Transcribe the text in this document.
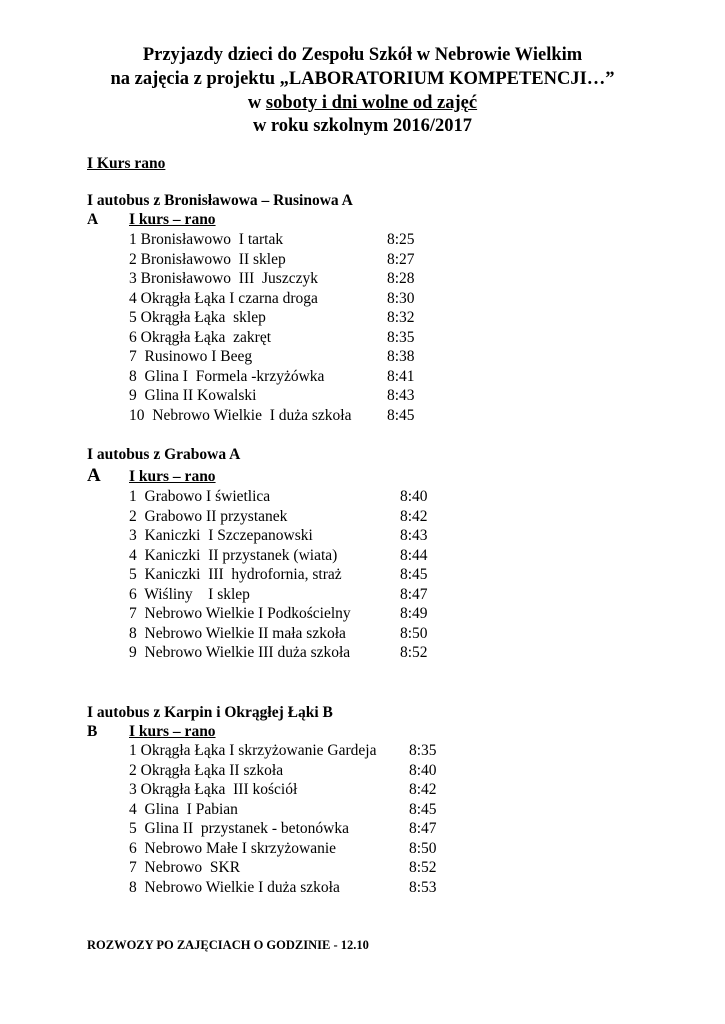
Przyjazdy dzieci do Zespołu Szkół w Nebrowie Wielkim
na zajęcia z projektu „LABORATORIUM KOMPETENCJI…”
w soboty i dni wolne od zajęć
w roku szkolnym 2016/2017
I Kurs rano
I autobus z Bronisławowa – Rusinowa A
A I kurs – rano
1 Bronisławowo  I tartak	8:25
2 Bronisławowo  II sklep	8:27
3 Bronisławowo  III  Juszczyk	8:28
4 Okrągła Łąka I czarna droga	8:30
5 Okrągła Łąka  sklep	8:32
6 Okrągła Łąka  zakręt	8:35
7  Rusinowo I Beeg	8:38
8  Glina I  Formela -krzyżówka	8:41
9  Glina II Kowalski	8:43
10  Nebrowo Wielkie  I duża szkoła 8:45
I autobus z Grabowa A
A I kurs – rano
1  Grabowo I świetlica	8:40
2  Grabowo II przystanek	8:42
3  Kaniczki  I Szczepanowski	8:43
4  Kaniczki  II przystanek (wiata)	8:44
5  Kaniczki  III  hydrofornia, straż	8:45
6  Wiśliny    I sklep	8:47
7  Nebrowo Wielkie I Podkościelny	8:49
8  Nebrowo Wielkie II mała szkoła	8:50
9  Nebrowo Wielkie III duża szkoła	8:52
I autobus z Karpin i Okrągłej Łąki B
B I kurs – rano
1 Okrągła Łąka I skrzyżowanie Gardeja 8:35
2 Okrągła Łąka II szkoła	8:40
3 Okrągła Łąka  III kościół	8:42
4  Glina  I Pabian	8:45
5  Glina II  przystanek - betonówka	8:47
6  Nebrowo Małe I skrzyżowanie	8:50
7  Nebrowo  SKR	8:52
8  Nebrowo Wielkie I duża szkoła	8:53
ROZWOZY PO ZAJĘCIACH O GODZINIE - 12.10
